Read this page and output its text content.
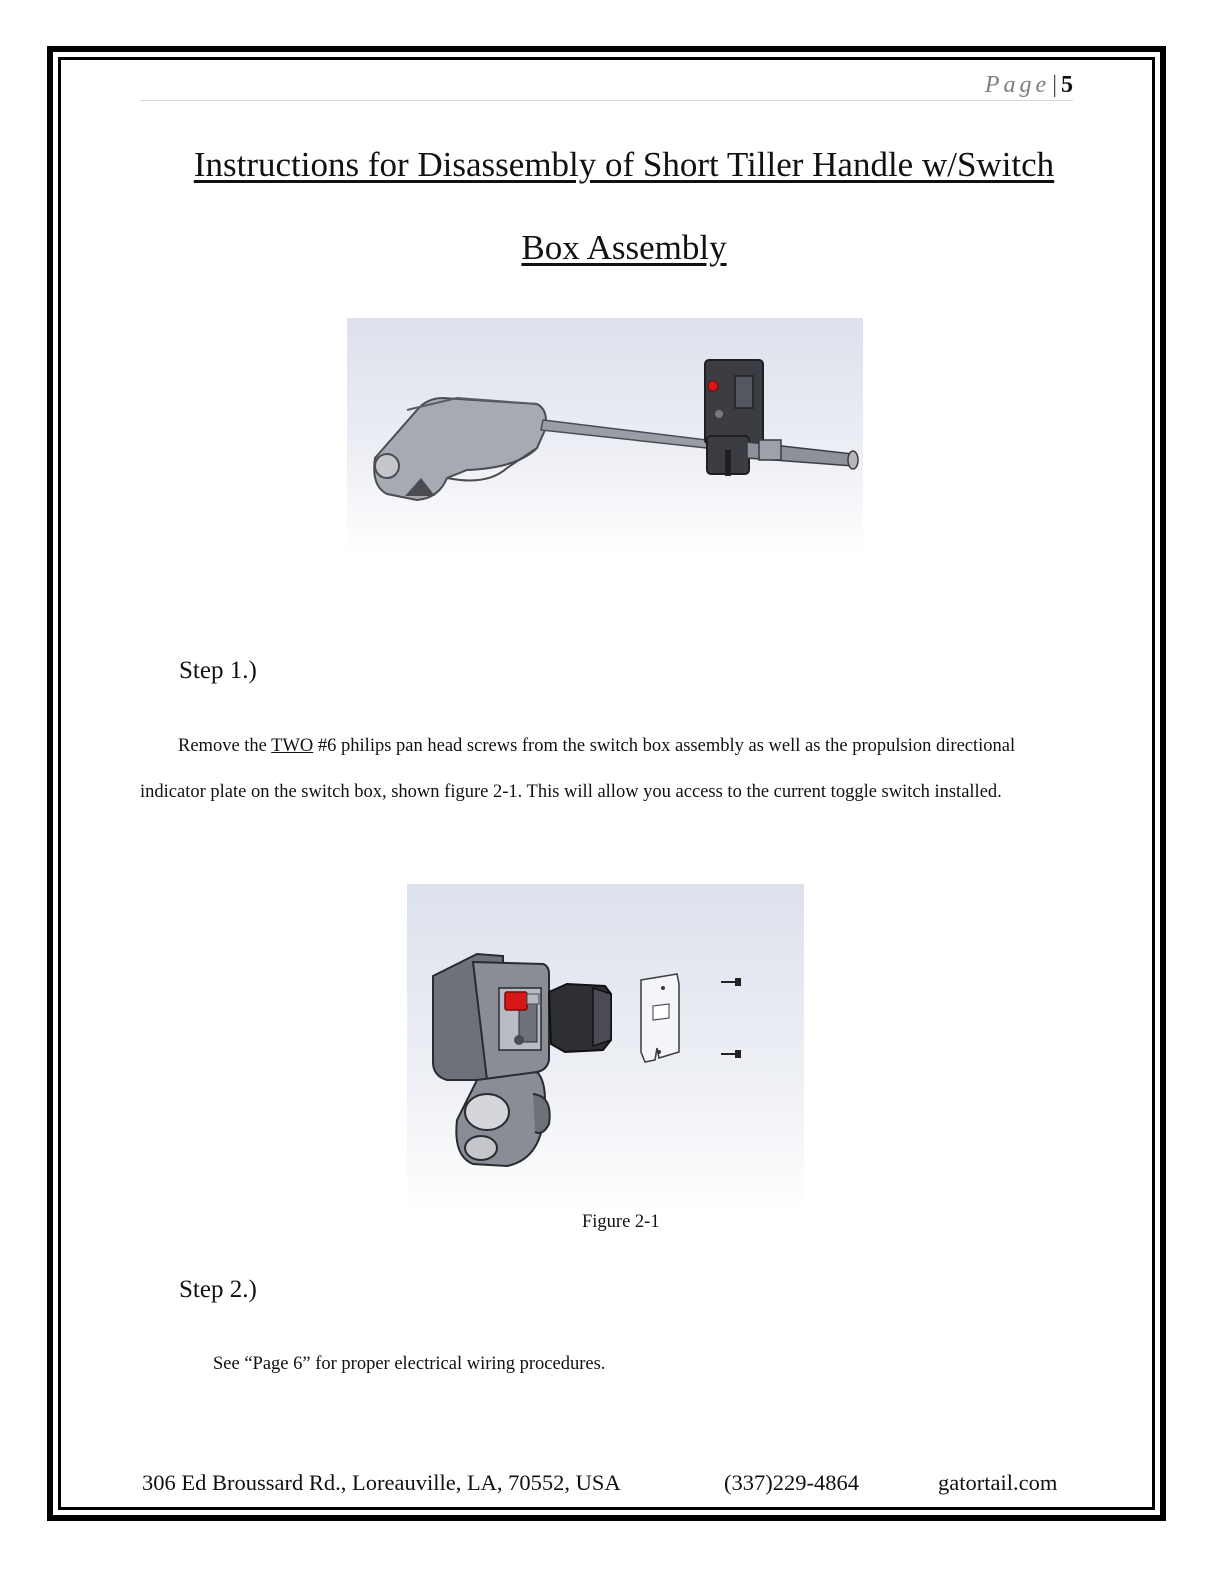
Page| 5
Instructions for Disassembly of Short Tiller Handle w/Switch
Box Assembly
Step 1.)
Remove the TWO #6 philips pan head screws from the switch box assembly as well as the propulsion directional indicator plate on the switch box, shown figure 2-1. This will allow you access to the current toggle switch installed.
Figure 2-1
Step 2.)
See “Page 6” for proper electrical wiring procedures.
306 Ed Broussard Rd., Loreauville, LA, 70552, USA	(337)229-4864	gatortail.com
